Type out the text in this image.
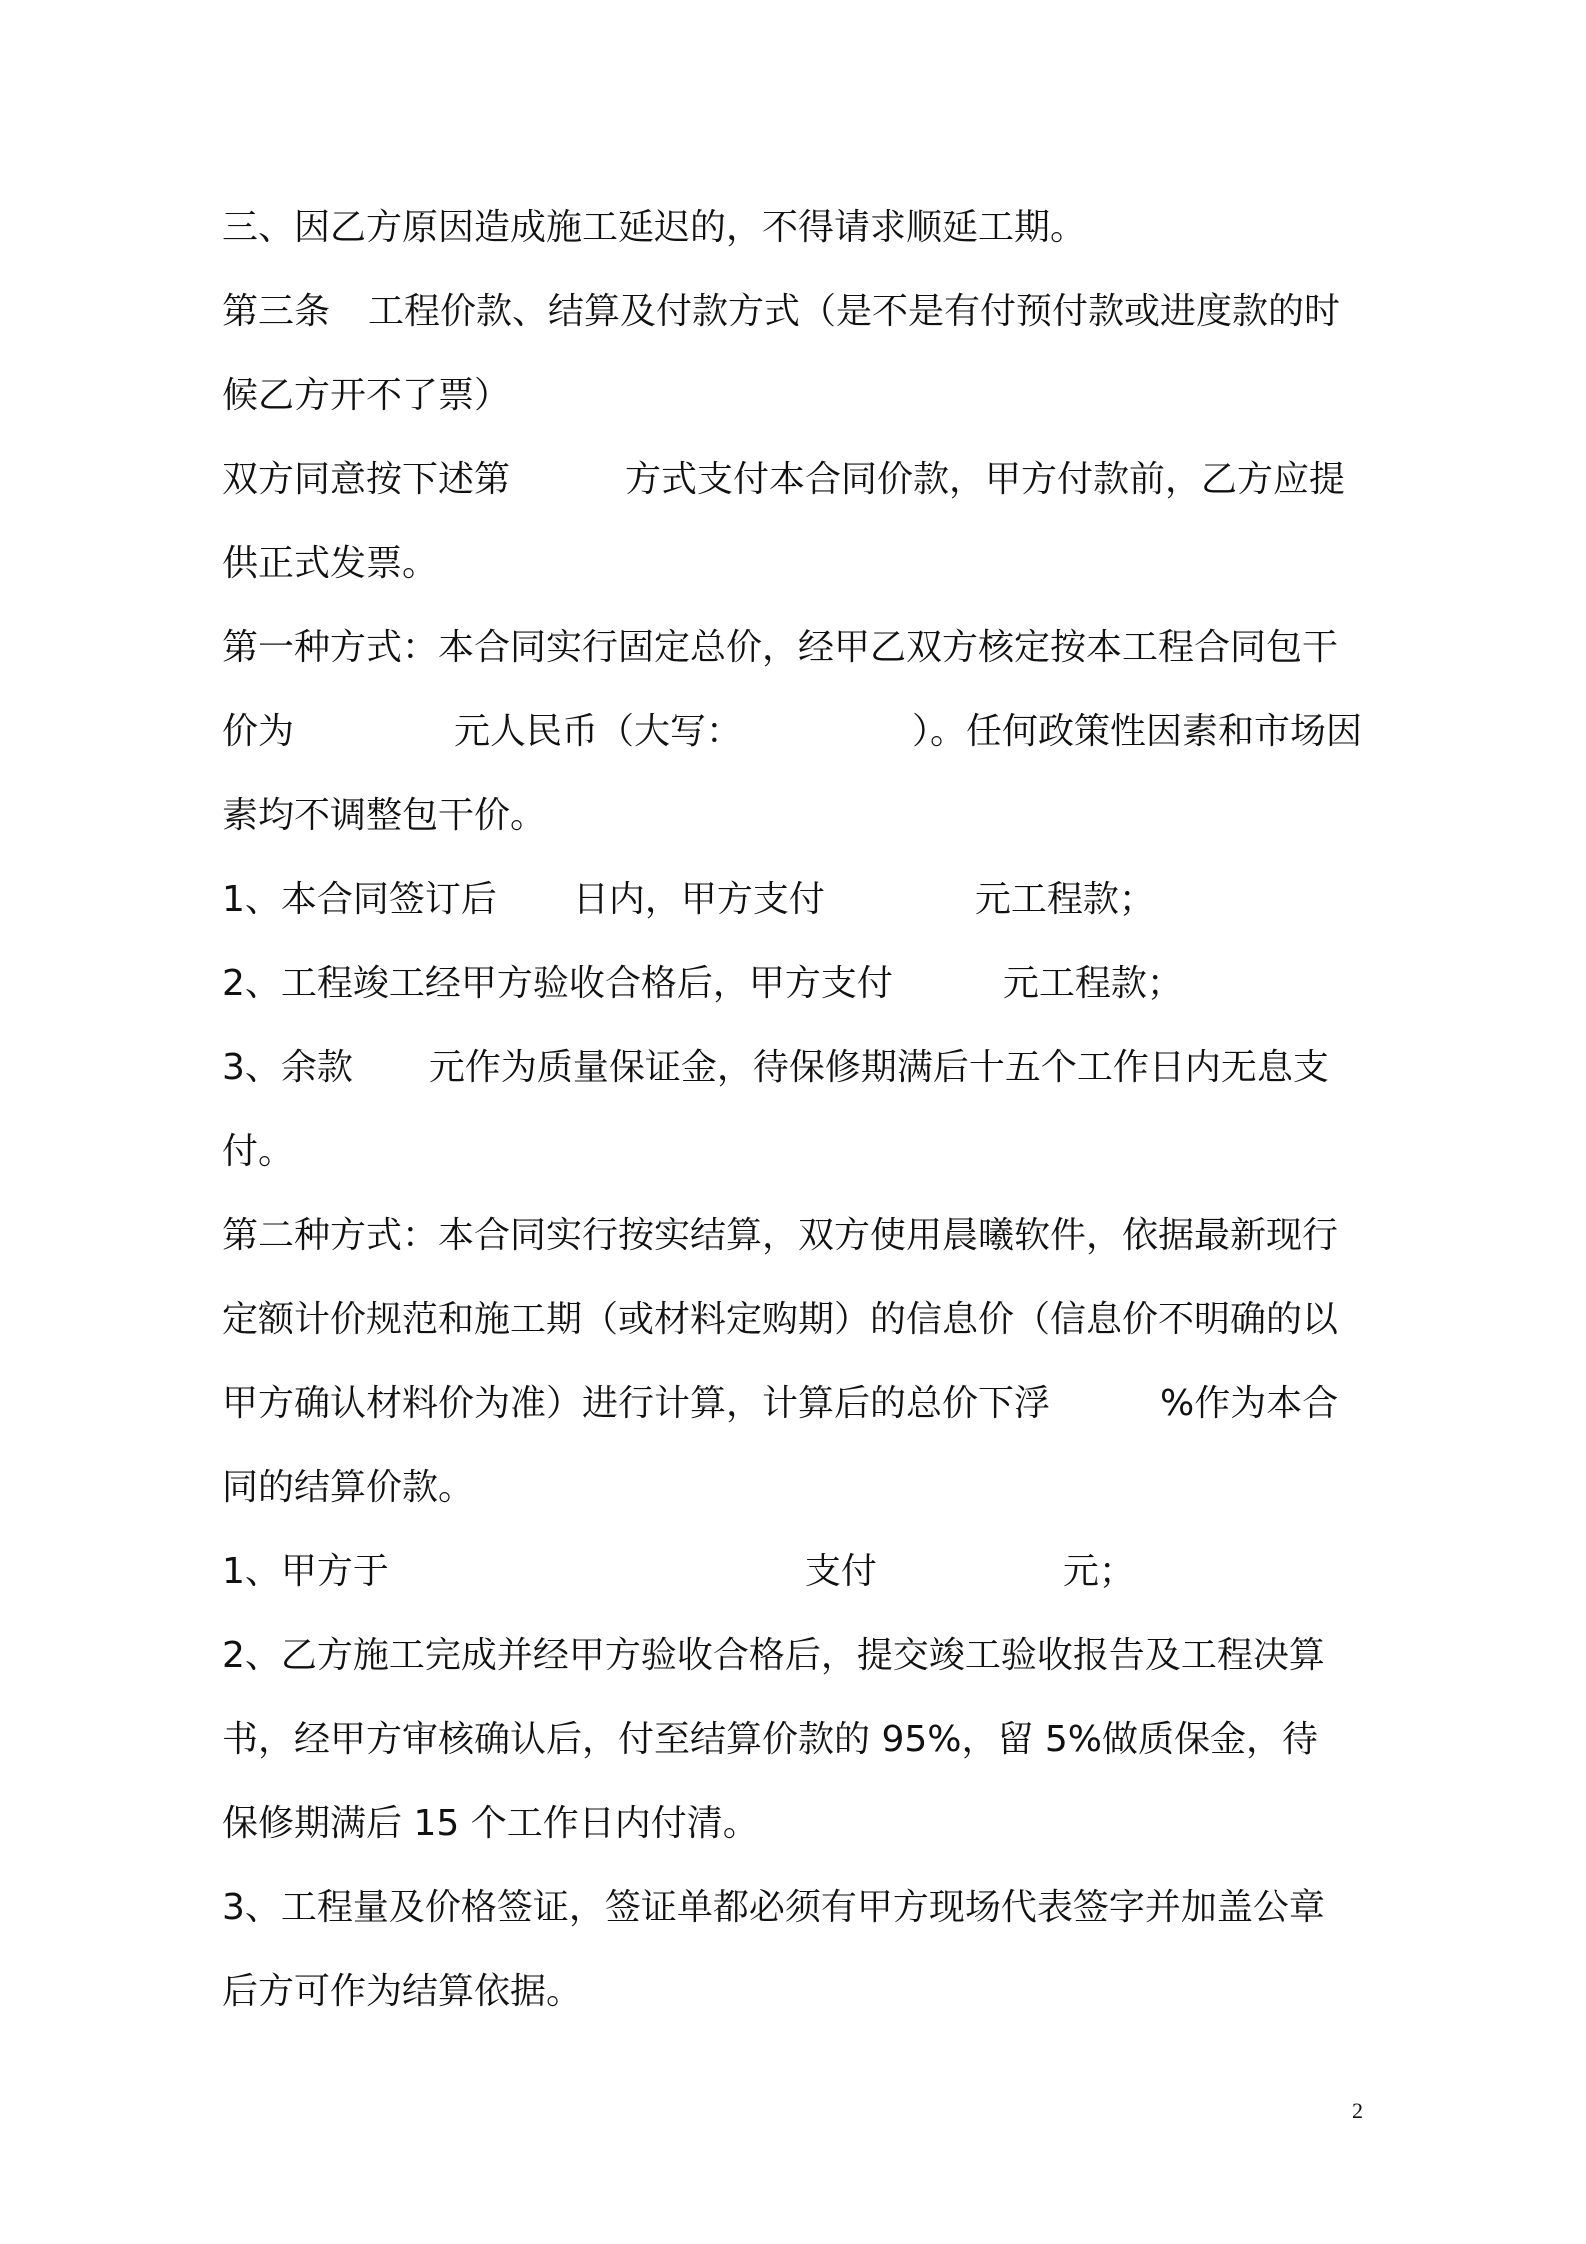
三、因乙方原因造成施工延迟的，不得请求顺延工期。
第三条 工程价款、结算及付款方式（是不是有付预付款或进度款的时
候乙方开不了票）
双方同意按下述第	方式支付本合同价款，甲方付款前，乙方应提
供正式发票。
第一种方式：本合同实行固定总价，经甲乙双方核定按本工程合同包干
价为	元人民币（大写：	）。任何政策性因素和市场因
素均不调整包干价。
1、本合同签订后 日内，甲方支付	元工程款；
2、工程竣工经甲方验收合格后，甲方支付	元工程款；
3、余款 元作为质量保证金，待保修期满后十五个工作日内无息支
付。
第二种方式：本合同实行按实结算，双方使用晨曦软件，依据最新现行
定额计价规范和施工期（或材料定购期）的信息价（信息价不明确的以
甲方确认材料价为准）进行计算，计算后的总价下浮	%作为本合
同的结算价款。
1、甲方于	支付	元；
2、乙方施工完成并经甲方验收合格后，提交竣工验收报告及工程决算
书，经甲方审核确认后，付至结算价款的 95%，留 5%做质保金，待
保修期满后 15 个工作日内付清。
3、工程量及价格签证，签证单都必须有甲方现场代表签字并加盖公章
后方可作为结算依据。
2
